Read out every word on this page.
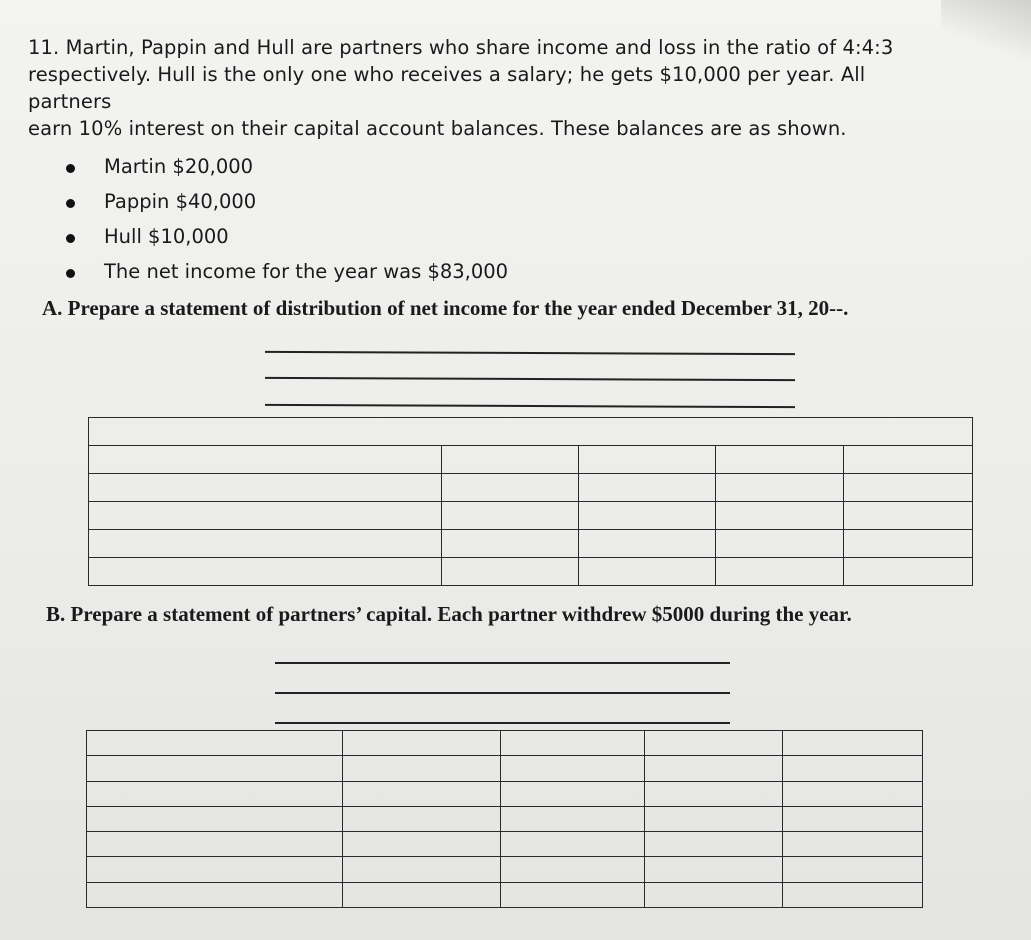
11. Martin, Pappin and Hull are partners who share income and loss in the ratio of 4:4:3
respectively. Hull is the only one who receives a salary; he gets $10,000 per year. All partners
earn 10% interest on their capital account balances. These balances are as shown.
Martin $20,000
Pappin $40,000
Hull $10,000
The net income for the year was $83,000
A. Prepare a statement of distribution of net income for the year ended December 31, 20--.

B. Prepare a statement of partners’ capital. Each partner withdrew $5000 during the year.
